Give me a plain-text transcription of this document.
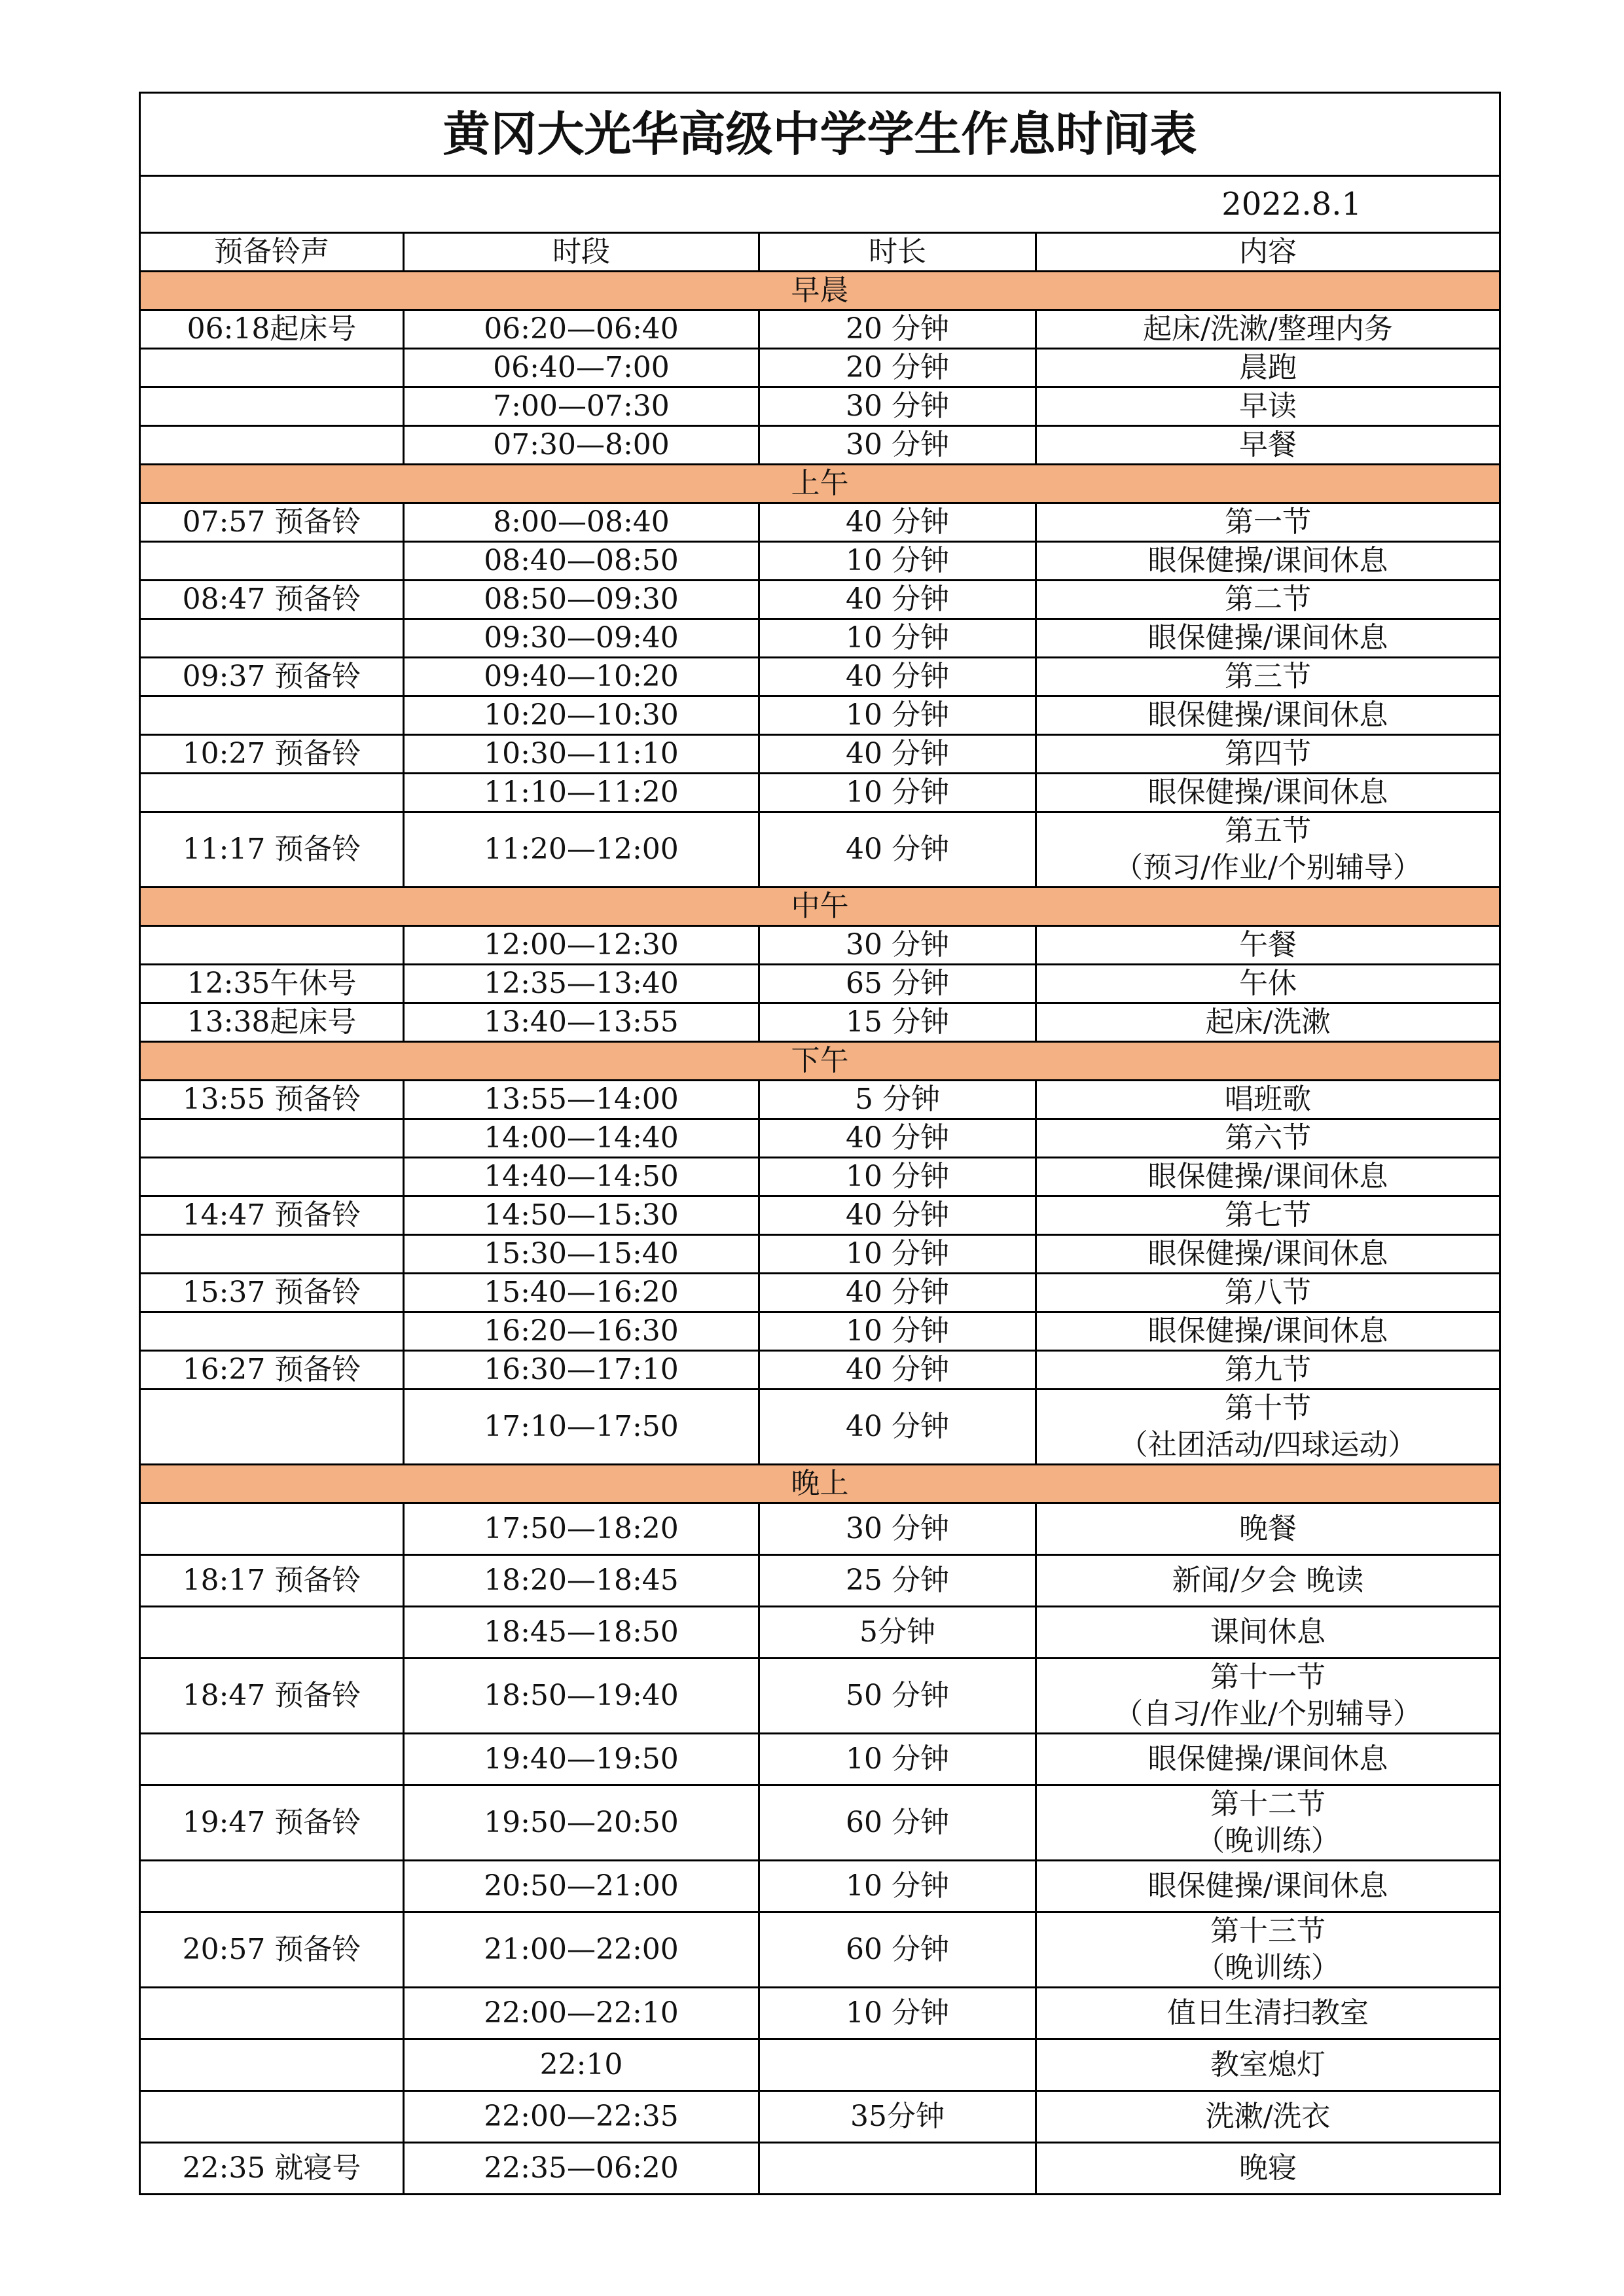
黄冈大光华高级中学学生作息时间表			
2022.8.1			
预备铃声	时段	时长	内容
早晨			
06:18起床号	06:20—06:40	20 分钟	起床/洗漱/整理内务

	06:40—7:00	20 分钟	晨跑

	7:00—07:30	30 分钟	早读

	07:30—8:00	30 分钟	早餐

上午			
07:57 预备铃	8:00—08:40	40 分钟	第一节

	08:40—08:50	10 分钟	眼保健操/课间休息

08:47 预备铃	08:50—09:30	40 分钟	第二节

	09:30—09:40	10 分钟	眼保健操/课间休息

09:37 预备铃	09:40—10:20	40 分钟	第三节

	10:20—10:30	10 分钟	眼保健操/课间休息

10:27 预备铃	10:30—11:10	40 分钟	第四节

	11:10—11:20	10 分钟	眼保健操/课间休息

11:17 预备铃	11:20—12:00	40 分钟	第五节
（预习/作业/个别辅导）

中午			
	12:00—12:30	30 分钟	午餐

12:35午休号	12:35—13:40	65 分钟	午休

13:38起床号	13:40—13:55	15 分钟	起床/洗漱

下午			
13:55 预备铃	13:55—14:00	5 分钟	唱班歌

	14:00—14:40	40 分钟	第六节

	14:40—14:50	10 分钟	眼保健操/课间休息

14:47 预备铃	14:50—15:30	40 分钟	第七节

	15:30—15:40	10 分钟	眼保健操/课间休息

15:37 预备铃	15:40—16:20	40 分钟	第八节

	16:20—16:30	10 分钟	眼保健操/课间休息

16:27 预备铃	16:30—17:10	40 分钟	第九节

	17:10—17:50	40 分钟	第十节
（社团活动/四球运动）

晚上			
	17:50—18:20	30 分钟	晚餐

18:17 预备铃	18:20—18:45	25 分钟	新闻/夕会 晚读

	18:45—18:50	5分钟	课间休息

18:47 预备铃	18:50—19:40	50 分钟	第十一节
（自习/作业/个别辅导）

	19:40—19:50	10 分钟	眼保健操/课间休息

19:47 预备铃	19:50—20:50	60 分钟	第十二节
（晚训练）

	20:50—21:00	10 分钟	眼保健操/课间休息

20:57 预备铃	21:00—22:00	60 分钟	第十三节
（晚训练）

	22:00—22:10	10 分钟	值日生清扫教室

	22:10		教室熄灯

	22:00—22:35	35分钟	洗漱/洗衣

22:35 就寝号	22:35—06:20		晚寝
